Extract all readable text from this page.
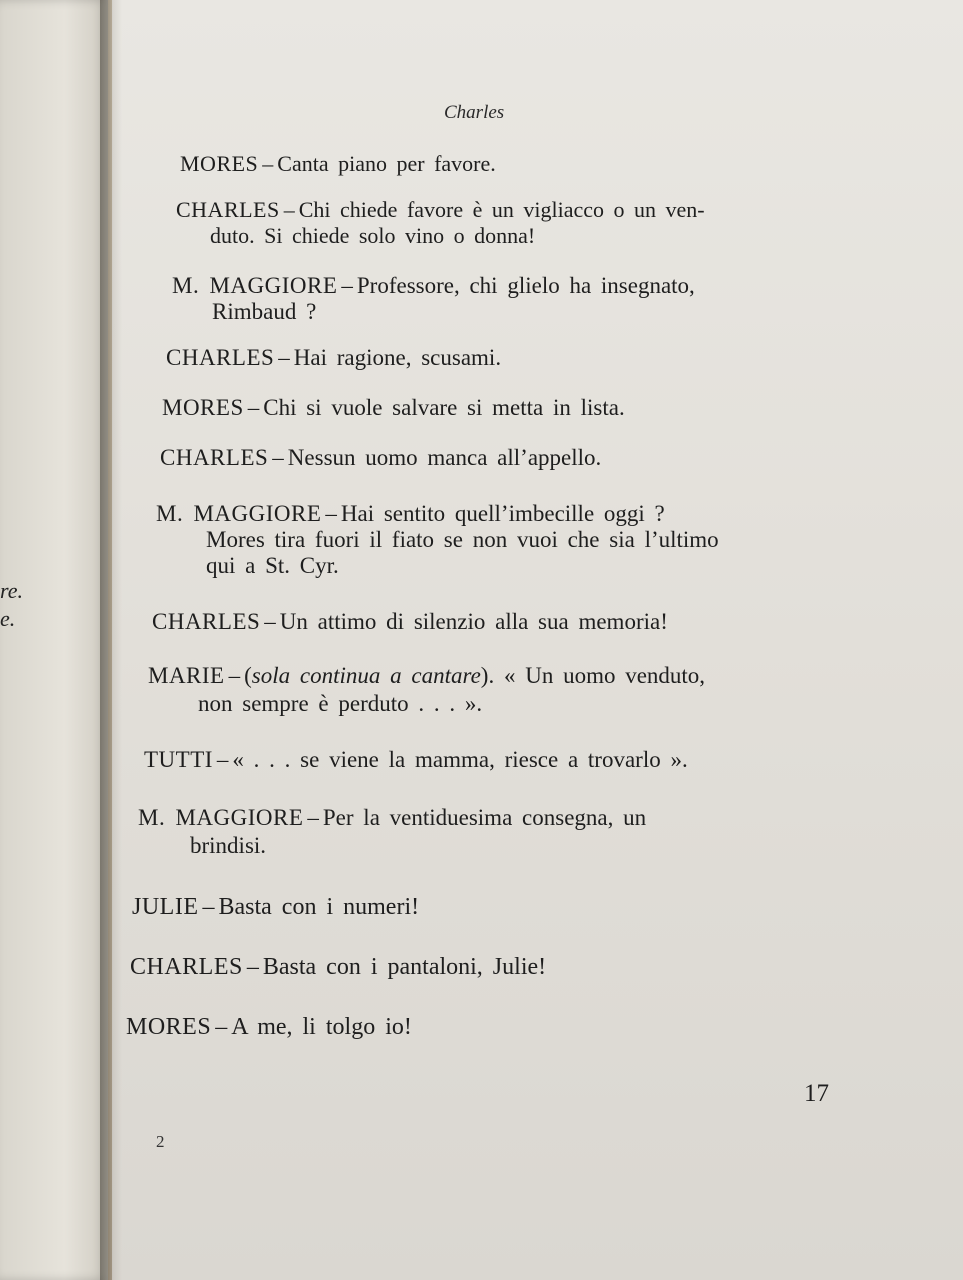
re.
e.
Charles
MORES – Canta piano per favore.
CHARLES – Chi chiede favore è un vigliacco o un ven-
duto. Si chiede solo vino o donna!
M. MAGGIORE – Professore, chi glielo ha insegnato,
Rimbaud ?
CHARLES – Hai ragione, scusami.
MORES – Chi si vuole salvare si metta in lista.
CHARLES – Nessun uomo manca all’appello.
M. MAGGIORE – Hai sentito quell’imbecille oggi ?
Mores tira fuori il fiato se non vuoi che sia l’ultimo
qui a St. Cyr.
CHARLES – Un attimo di silenzio alla sua memoria!
MARIE – (sola continua a cantare). « Un uomo venduto,
non sempre è perduto . . . ».
TUTTI – « . . . se viene la mamma, riesce a trovarlo ».
M. MAGGIORE – Per la ventiduesima consegna, un
brindisi.
JULIE – Basta con i numeri!
CHARLES – Basta con i pantaloni, Julie!
MORES – A me, li tolgo io!
17
2
